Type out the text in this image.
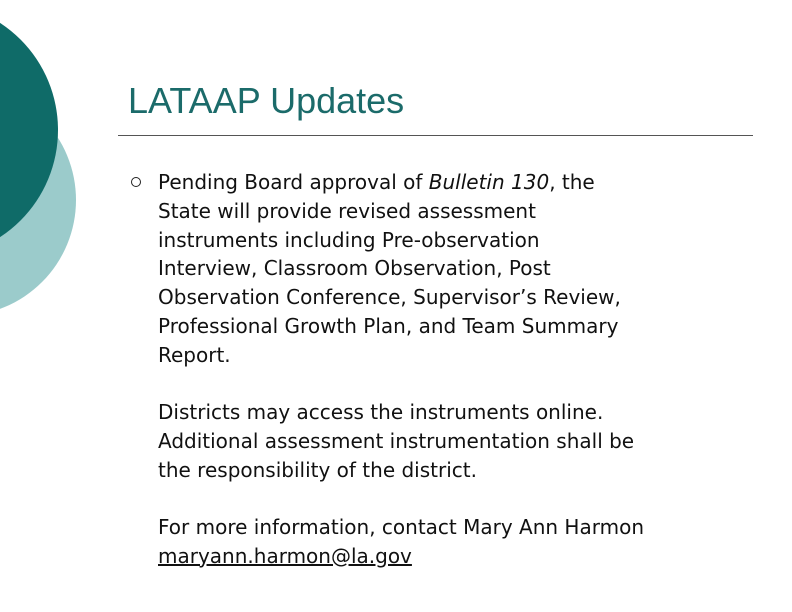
LATAAP Updates

Pending Board approval of Bulletin 130, the
State will provide revised assessment
instruments including Pre-observation
Interview, Classroom Observation, Post
Observation Conference, Supervisor’s Review,
Professional Growth Plan, and Team Summary
Report.

Districts may access the instruments online.
Additional assessment instrumentation shall be
the responsibility of the district.

For more information, contact Mary Ann Harmon
maryann.harmon@la.gov
